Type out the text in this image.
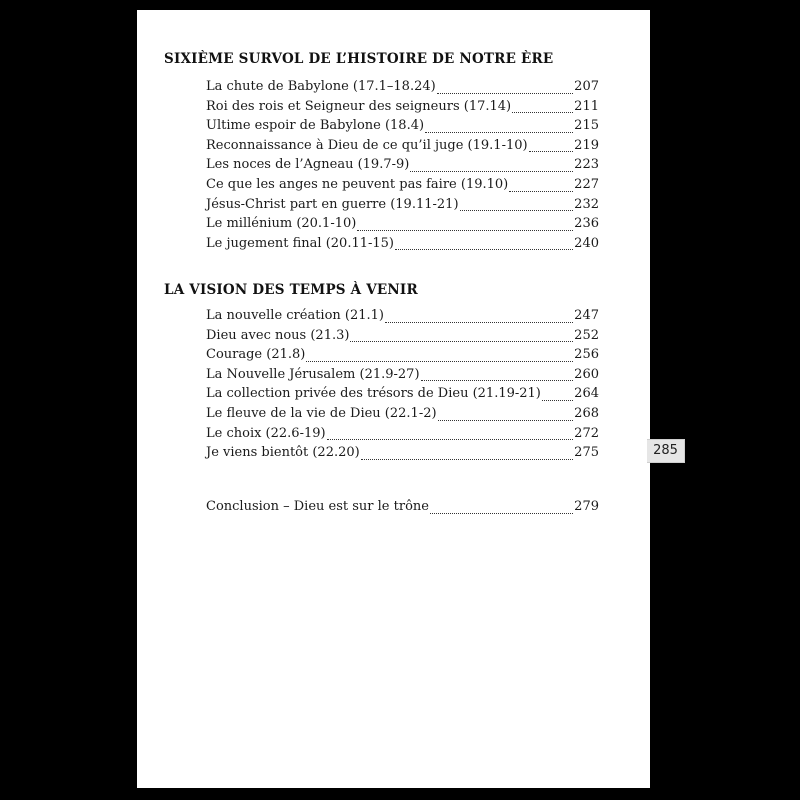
SIXIÈME SURVOL DE L’HISTOIRE DE NOTRE ÈRE
La chute de Babylone (17.1–18.24)	207
Roi des rois et Seigneur des seigneurs (17.14)	211
Ultime espoir de Babylone (18.4)	215
Reconnaissance à Dieu de ce qu’il juge (19.1-10)	219
Les noces de l’Agneau (19.7-9)	223
Ce que les anges ne peuvent pas faire (19.10)	227
Jésus-Christ part en guerre (19.11-21)	232
Le millénium (20.1-10)	236
Le jugement final (20.11-15)	240
LA VISION DES TEMPS À VENIR
La nouvelle création (21.1)	247
Dieu avec nous (21.3)	252
Courage (21.8)	256
La Nouvelle Jérusalem (21.9-27)	260
La collection privée des trésors de Dieu (21.19-21)	264
Le fleuve de la vie de Dieu (22.1-2)	268
Le choix (22.6-19)	272
Je viens bientôt (22.20)	275
Conclusion – Dieu est sur le trône	279
285
